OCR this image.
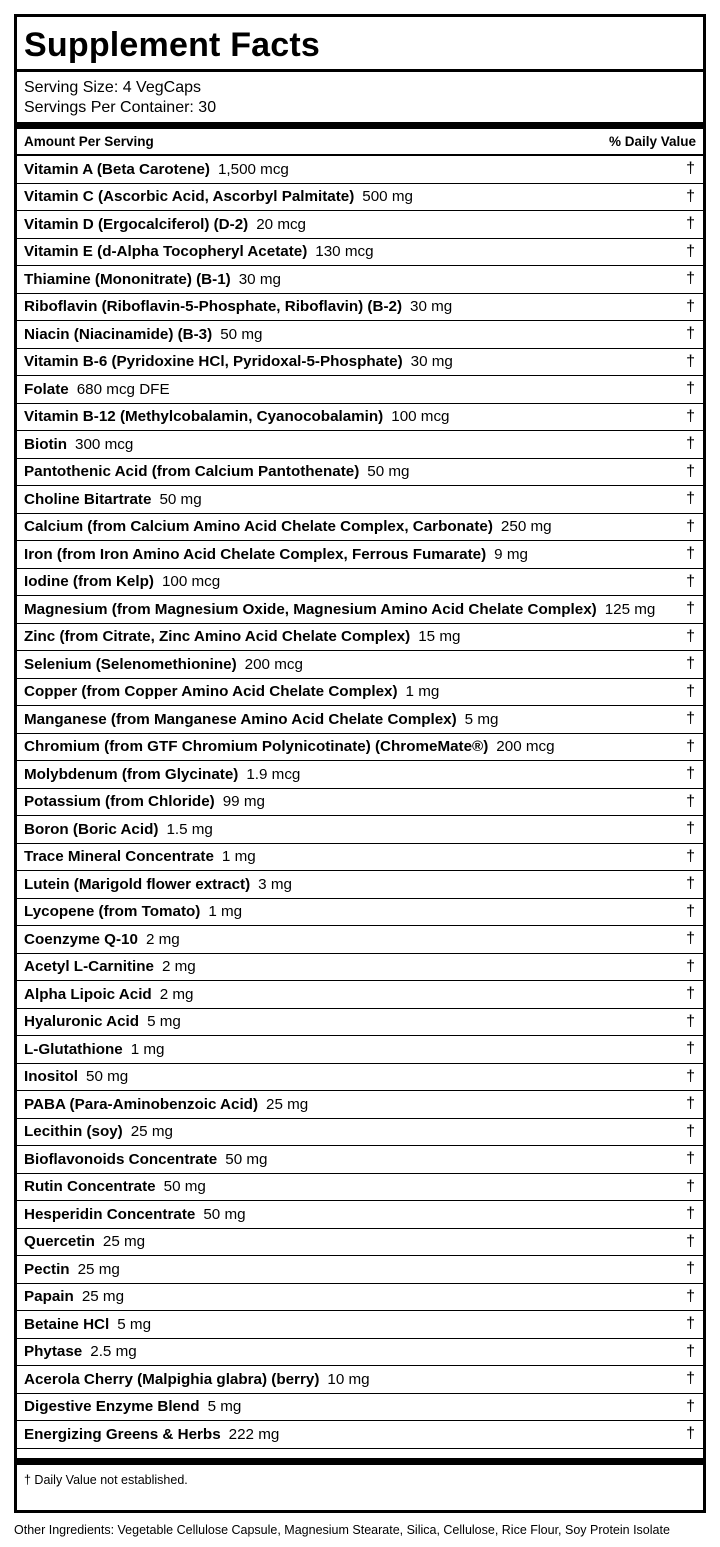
Supplement Facts
Serving Size: 4 VegCaps
Servings Per Container: 30
Amount Per Serving	% Daily Value
Vitamin A (Beta Carotene) 1,500 mcg	†
Vitamin C (Ascorbic Acid, Ascorbyl Palmitate) 500 mg	†
Vitamin D (Ergocalciferol) (D-2) 20 mcg	†
Vitamin E (d-Alpha Tocopheryl Acetate) 130 mcg	†
Thiamine (Mononitrate) (B-1) 30 mg	†
Riboflavin (Riboflavin-5-Phosphate, Riboflavin) (B-2) 30 mg	†
Niacin (Niacinamide) (B-3) 50 mg	†
Vitamin B-6 (Pyridoxine HCl, Pyridoxal-5-Phosphate) 30 mg	†
Folate 680 mcg DFE	†
Vitamin B-12 (Methylcobalamin, Cyanocobalamin) 100 mcg	†
Biotin 300 mcg	†
Pantothenic Acid (from Calcium Pantothenate) 50 mg	†
Choline Bitartrate 50 mg	†
Calcium (from Calcium Amino Acid Chelate Complex, Carbonate) 250 mg	†
Iron (from Iron Amino Acid Chelate Complex, Ferrous Fumarate) 9 mg	†
Iodine (from Kelp) 100 mcg	†
Magnesium (from Magnesium Oxide, Magnesium Amino Acid Chelate Complex) 125 mg †
Zinc (from Citrate, Zinc Amino Acid Chelate Complex) 15 mg	†
Selenium (Selenomethionine) 200 mcg	†
Copper (from Copper Amino Acid Chelate Complex) 1 mg	†
Manganese (from Manganese Amino Acid Chelate Complex) 5 mg	†
Chromium (from GTF Chromium Polynicotinate) (ChromeMate®) 200 mcg	†
Molybdenum (from Glycinate) 1.9 mcg	†
Potassium (from Chloride) 99 mg	†
Boron (Boric Acid) 1.5 mg	†
Trace Mineral Concentrate 1 mg	†
Lutein (Marigold flower extract) 3 mg	†
Lycopene (from Tomato) 1 mg	†
Coenzyme Q-10 2 mg	†
Acetyl L-Carnitine 2 mg	†
Alpha Lipoic Acid 2 mg	†
Hyaluronic Acid 5 mg	†
L-Glutathione 1 mg	†
Inositol 50 mg	†
PABA (Para-Aminobenzoic Acid) 25 mg	†
Lecithin (soy) 25 mg	†
Bioflavonoids Concentrate 50 mg	†
Rutin Concentrate 50 mg	†
Hesperidin Concentrate 50 mg	†
Quercetin 25 mg	†
Pectin 25 mg	†
Papain 25 mg	†
Betaine HCl 5 mg	†
Phytase 2.5 mg	†
Acerola Cherry (Malpighia glabra) (berry) 10 mg	†
Digestive Enzyme Blend 5 mg	†
Energizing Greens & Herbs 222 mg	†
† Daily Value not established.
Other Ingredients: Vegetable Cellulose Capsule, Magnesium Stearate, Silica, Cellulose, Rice Flour, Soy Protein Isolate
